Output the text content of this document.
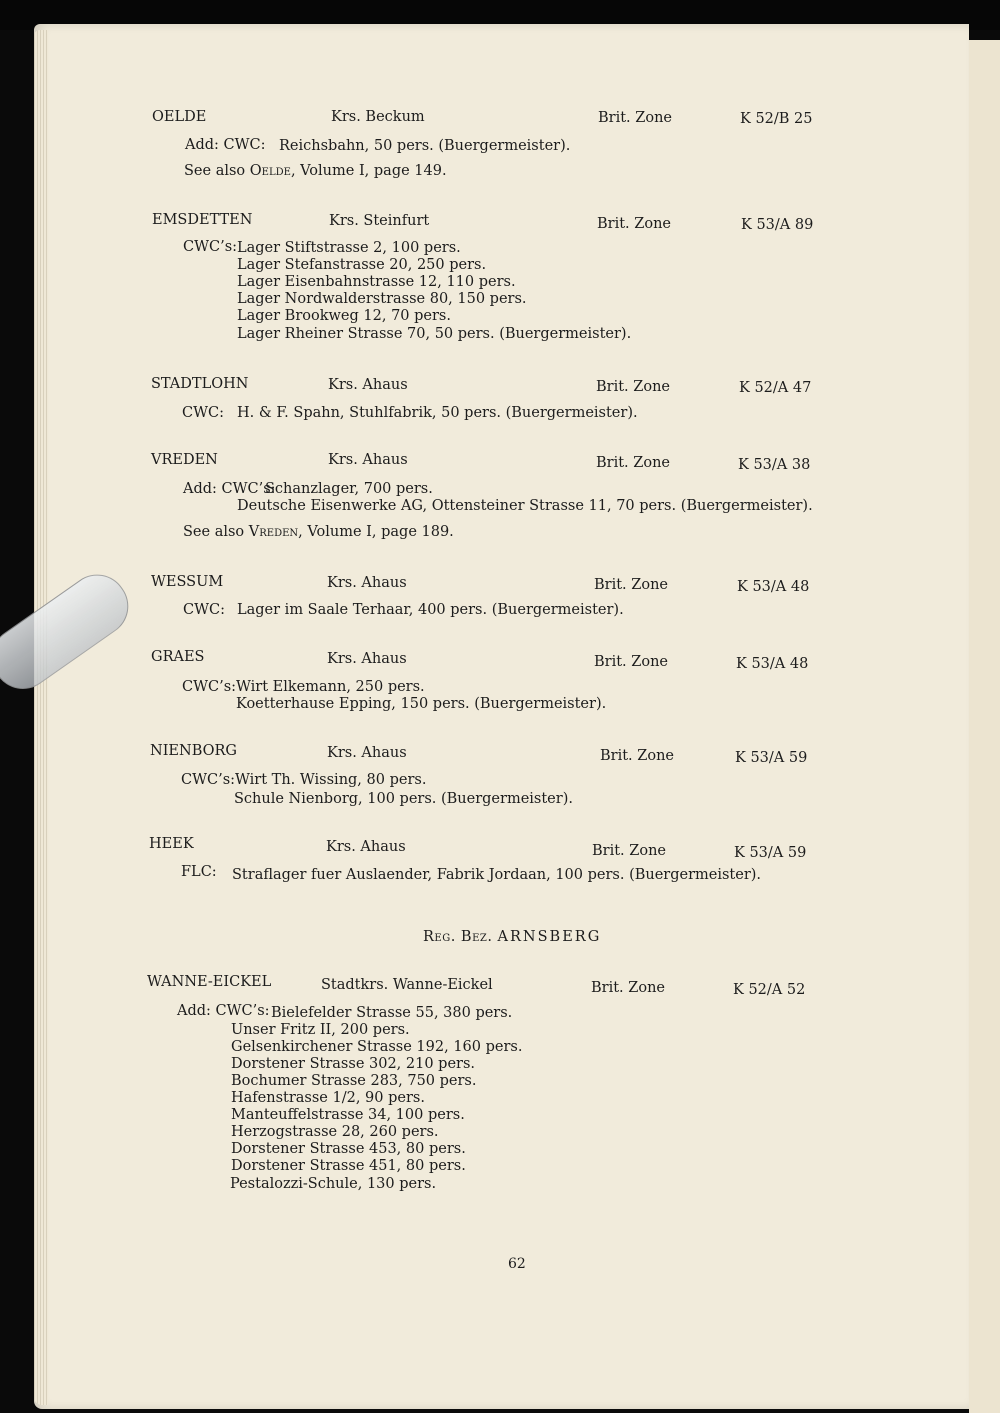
OELDE	Krs. Beckum	Brit. Zone	K 52/B 25
Add: CWC: Reichsbahn, 50 pers. (Buergermeister).
See also Oelde, Volume I, page 149.
EMSDETTEN	Krs. Steinfurt	Brit. Zone	K 53/A 89
CWC’s: Lager Stiftstrasse 2, 100 pers.
Lager Stefanstrasse 20, 250 pers.
Lager Eisenbahnstrasse 12, 110 pers.
Lager Nordwalderstrasse 80, 150 pers.
Lager Brookweg 12, 70 pers.
Lager Rheiner Strasse 70, 50 pers. (Buergermeister).
STADTLOHN	Krs. Ahaus	Brit. Zone	K 52/A 47
CWC: H. & F. Spahn, Stuhlfabrik, 50 pers. (Buergermeister).
VREDEN	Krs. Ahaus	Brit. Zone	K 53/A 38
Add: CWC’s:
Schanzlager, 700 pers.
Deutsche Eisenwerke AG, Ottensteiner Strasse 11, 70 pers. (Buergermeister).
See also Vreden, Volume I, page 189.
WESSUM	Krs. Ahaus	Brit. Zone	K 53/A 48
CWC: Lager im Saale Terhaar, 400 pers. (Buergermeister).
GRAES	Krs. Ahaus	Brit. Zone	K 53/A 48
CWC’s: Wirt Elkemann, 250 pers.
Koetterhause Epping, 150 pers. (Buergermeister).
NIENBORG	Krs. Ahaus	Brit. Zone	K 53/A 59
CWC’s: Wirt Th. Wissing, 80 pers.
Schule Nienborg, 100 pers. (Buergermeister).
HEEK	Krs. Ahaus	Brit. Zone	K 53/A 59
FLC: Straflager fuer Auslaender, Fabrik Jordaan, 100 pers. (Buergermeister).
Reg. Bez. ARNSBERG
WANNE-EICKEL	Stadtkrs. Wanne-Eickel	Brit. Zone	K 52/A 52
Add: CWC’s: Bielefelder Strasse 55, 380 pers.
Unser Fritz II, 200 pers.
Gelsenkirchener Strasse 192, 160 pers.
Dorstener Strasse 302, 210 pers.
Bochumer Strasse 283, 750 pers.
Hafenstrasse 1/2, 90 pers.
Manteuffelstrasse 34, 100 pers.
Herzogstrasse 28, 260 pers.
Dorstener Strasse 453, 80 pers.
Dorstener Strasse 451, 80 pers.
Pestalozzi-Schule, 130 pers.
62
